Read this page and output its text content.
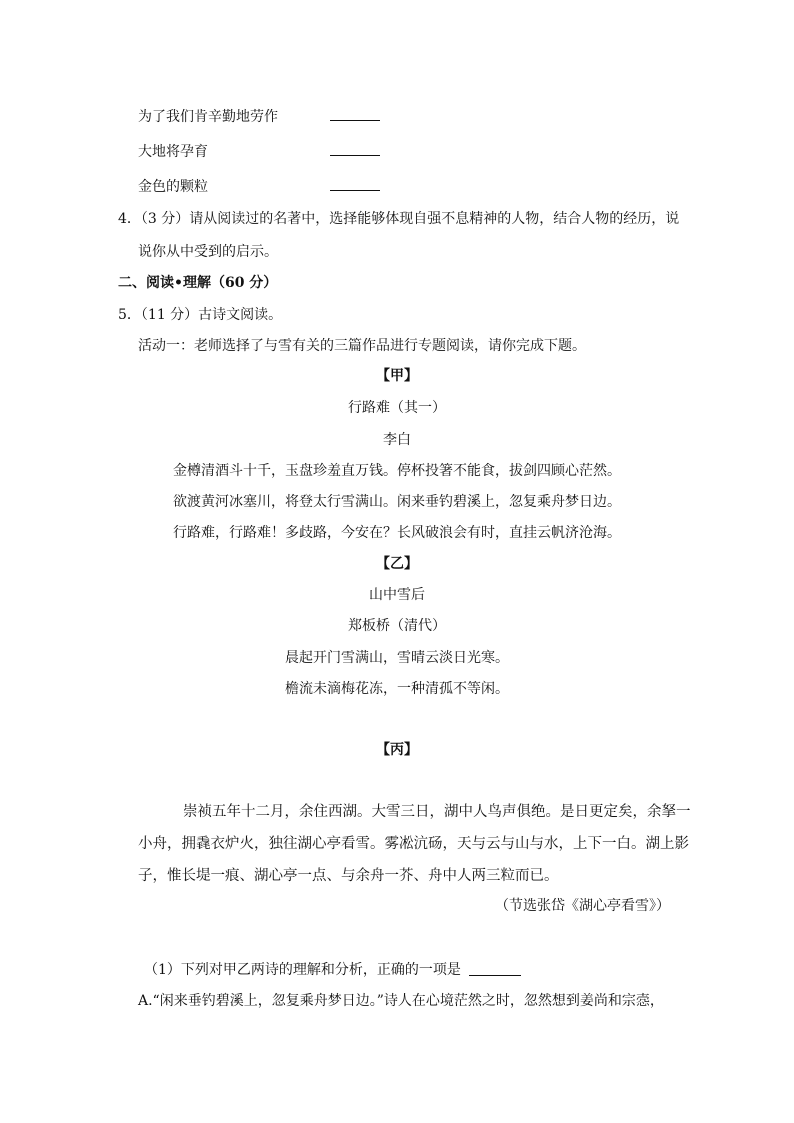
为了我们肯辛勤地劳作
大地将孕育
金色的颗粒
4．（3 分）请从阅读过的名著中，选择能够体现自强不息精神的人物，结合人物的经历，说
说你从中受到的启示。
二、阅读•理解（60 分）
5．（11 分）古诗文阅读。
活动一：老师选择了与雪有关的三篇作品进行专题阅读，请你完成下题。
【甲】
行路难（其一）
李白
金樽清酒斗十千，玉盘珍羞直万钱。停杯投箸不能食，拔剑四顾心茫然。
欲渡黄河冰塞川，将登太行雪满山。闲来垂钓碧溪上，忽复乘舟梦日边。
行路难，行路难！多歧路，今安在？长风破浪会有时，直挂云帆济沧海。
【乙】
山中雪后
郑板桥（清代）
晨起开门雪满山，雪晴云淡日光寒。
檐流未滴梅花冻，一种清孤不等闲。
【丙】
崇祯五年十二月，余住西湖。大雪三日，湖中人鸟声俱绝。是日更定矣，余拏一
小舟，拥毳衣炉火，独往湖心亭看雪。雾凇沆砀，天与云与山与水，上下一白。湖上影
子，惟长堤一痕、湖心亭一点、与余舟一芥、舟中人两三粒而已。
（节选张岱《湖心亭看雪》）
（1）下列对甲乙两诗的理解和分析，正确的一项是
A.“闲来垂钓碧溪上，忽复乘舟梦日边。”诗人在心境茫然之时，忽然想到姜尚和宗悫，
